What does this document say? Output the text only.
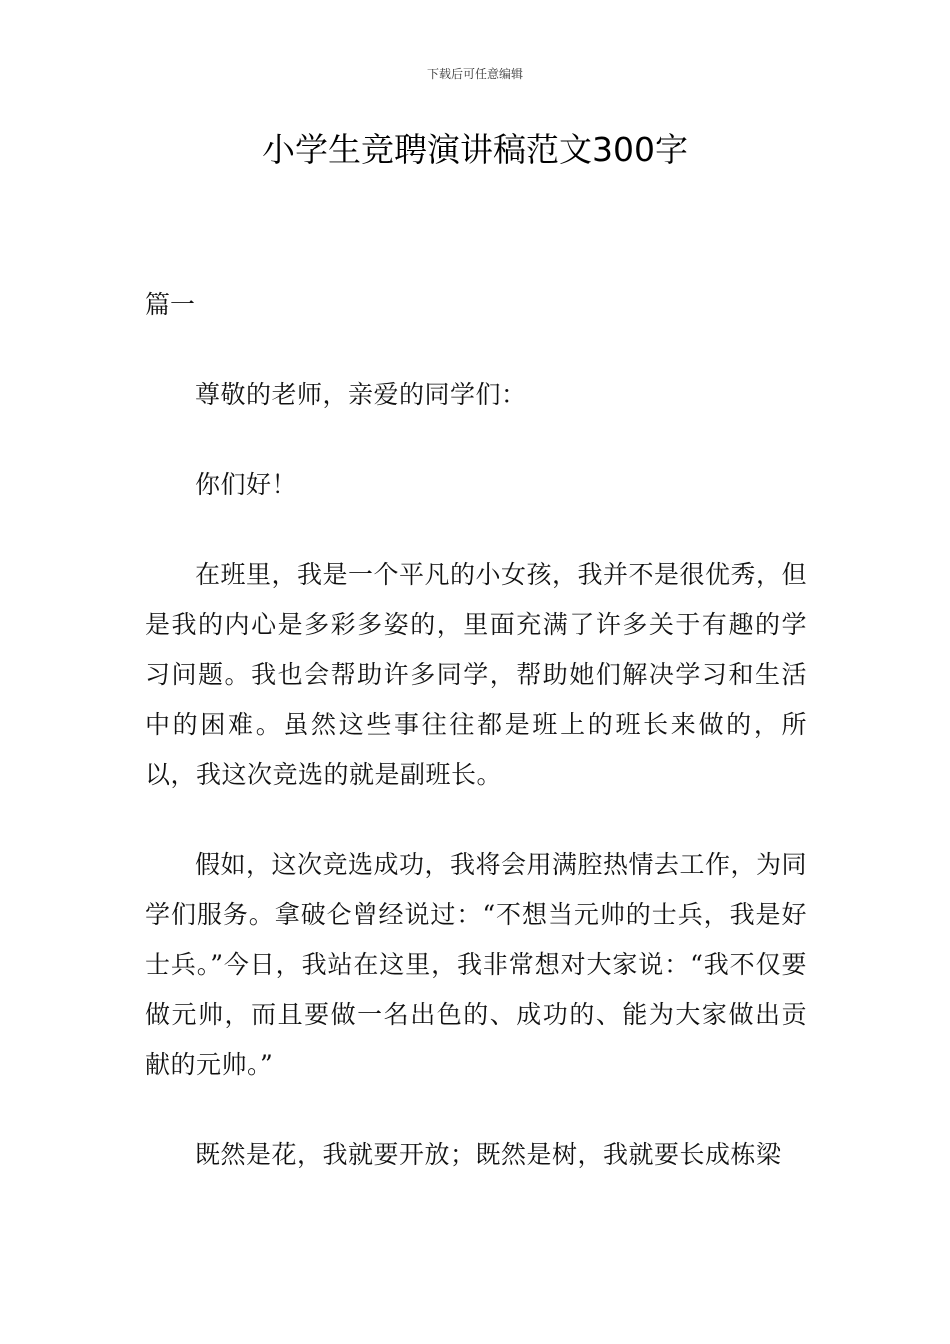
下载后可任意编辑
小学生竞聘演讲稿范文300字
篇一

尊敬的老师，亲爱的同学们：

你们好！

在班里，我是一个平凡的小女孩，我并不是很优秀，但是我的内心是多彩多姿的，里面充满了许多关于有趣的学习问题。我也会帮助许多同学，帮助她们解决学习和生活中的困难。虽然这些事往往都是班上的班长来做的，所以，我这次竞选的就是副班长。

假如，这次竞选成功，我将会用满腔热情去工作，为同学们服务。拿破仑曾经说过：“不想当元帅的士兵，我是好士兵。”今日，我站在这里，我非常想对大家说：“我不仅要做元帅，而且要做一名出色的、成功的、能为大家做出贡献的元帅。”

既然是花，我就要开放；既然是树，我就要长成栋梁
